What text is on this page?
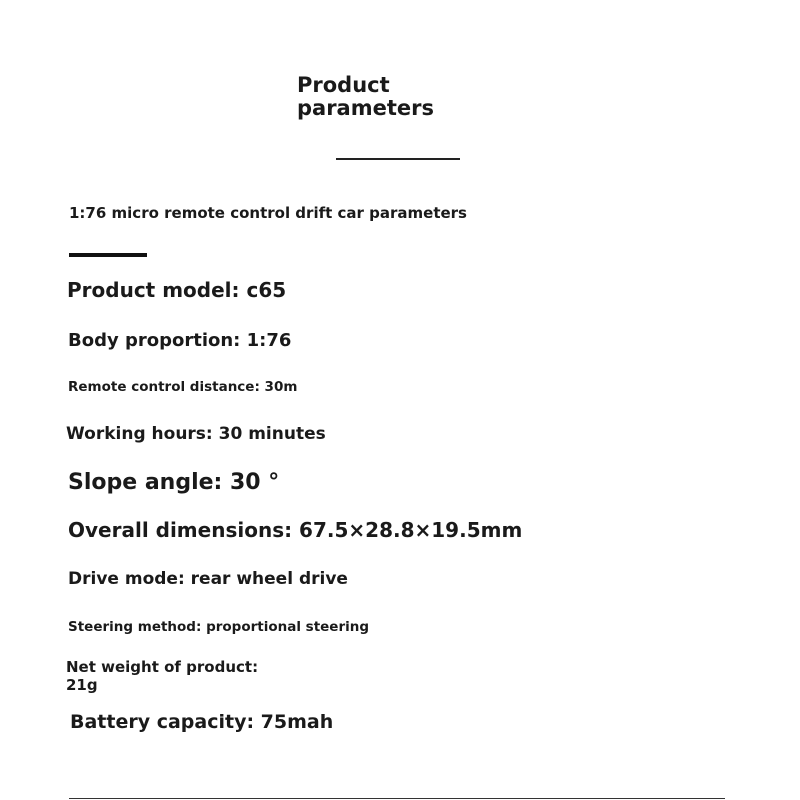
Product parameters
1:76 micro remote control drift car parameters
Product model: c65
Body proportion: 1:76
Remote control distance: 30m
Working hours: 30 minutes
Slope angle: 30 °
Overall dimensions: 67.5×28.8×19.5mm
Drive mode: rear wheel drive
Steering method: proportional steering
Net weight of product: 21g
Battery capacity: 75mah
